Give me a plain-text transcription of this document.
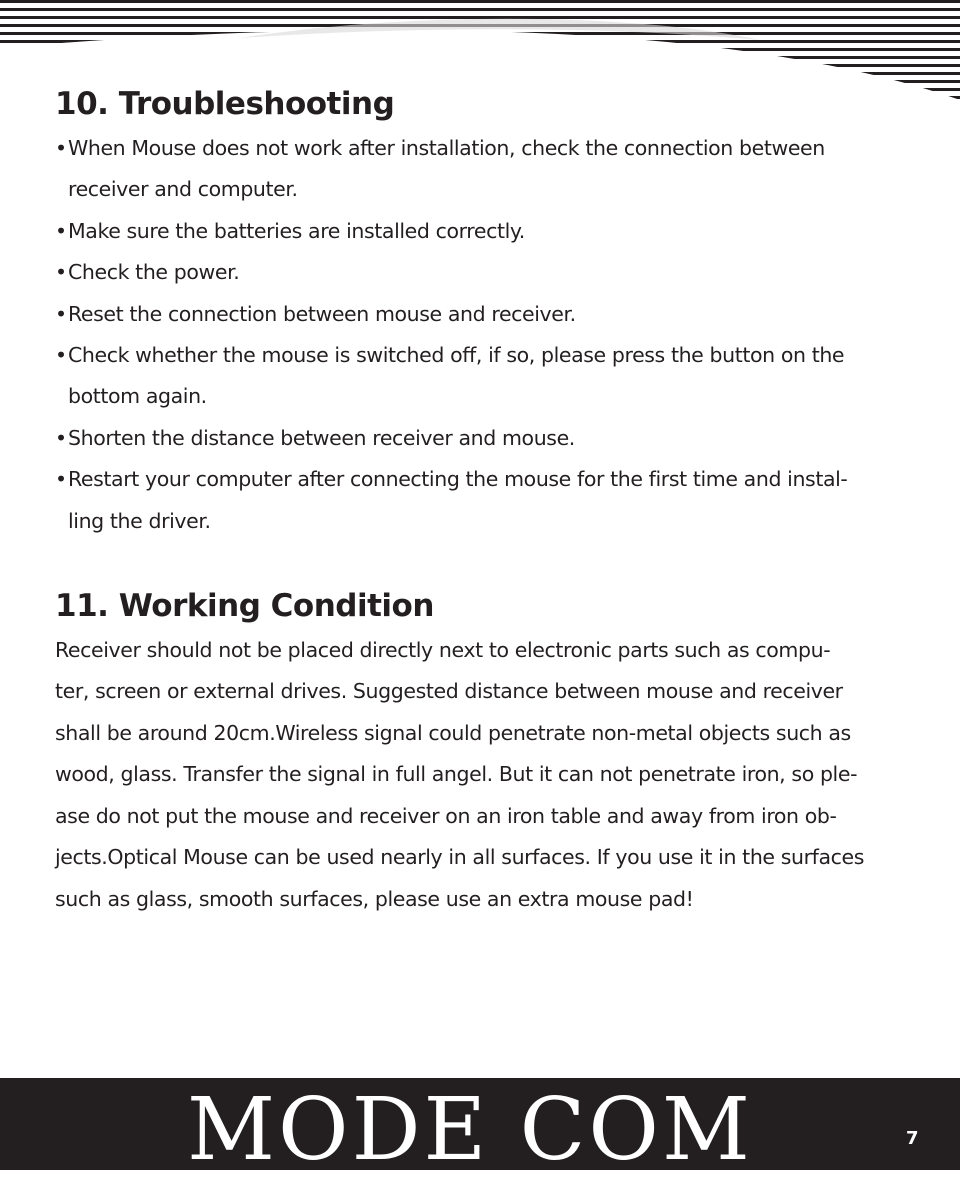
10. Troubleshooting
• When Mouse does not work after installation, check the connection between
receiver and computer.
• Make sure the batteries are installed correctly.
• Check the power.
• Reset the connection between mouse and receiver.
• Check whether the mouse is switched off, if so, please press the button on the
bottom again.
• Shorten the distance between receiver and mouse.
• Restart your computer after connecting the mouse for the first time and instal-
ling the driver.
11. Working Condition

Receiver should not be placed directly next to electronic parts such as compu-
ter, screen or external drives. Suggested distance between mouse and receiver
shall be around 20cm.Wireless signal could penetrate non-metal objects such as
wood, glass. Transfer the signal in full angel. But it can not penetrate iron, so ple-
ase do not put the mouse and receiver on an iron table and away from iron ob-
jects.Optical Mouse can be used nearly in all surfaces. If you use it in the surfaces
such as glass, smooth surfaces, please use an extra mouse pad!

MODE COM	7
